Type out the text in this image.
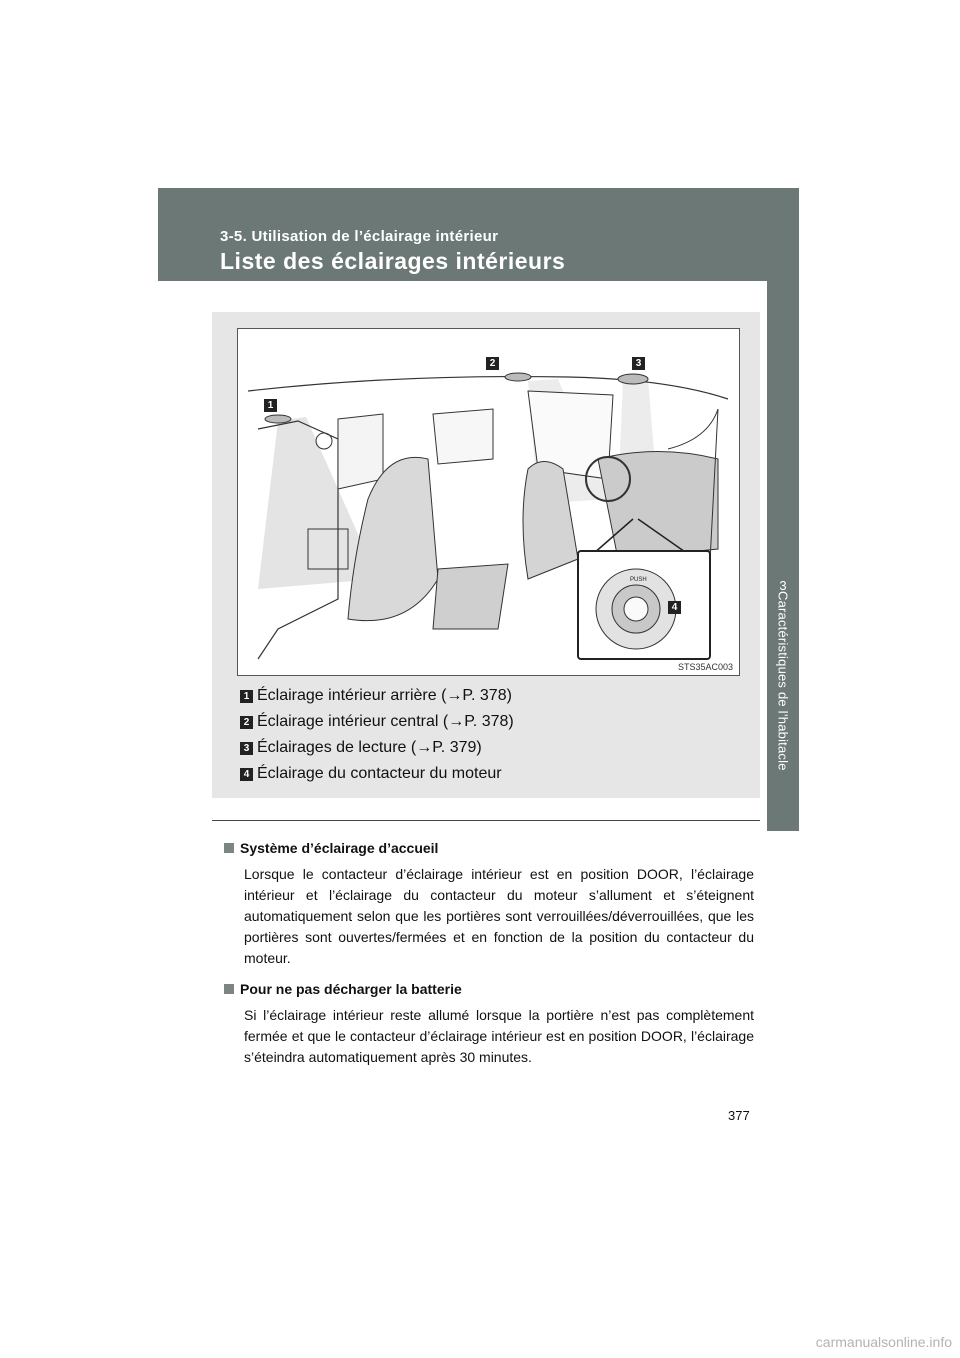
3-5. Utilisation de l’éclairage intérieur
Liste des éclairages intérieurs
3
Caractéristiques de l’habitacle
PUSH
1
2	3
4
STS35AC003
1 Éclairage intérieur arrière (→P. 378)
2 Éclairage intérieur central (→P. 378)
3 Éclairages de lecture (→P. 379)
4 Éclairage du contacteur du moteur
Système d’éclairage d’accueil
Lorsque le contacteur d’éclairage intérieur est en position DOOR, l’éclairage intérieur et l’éclairage du contacteur du moteur s’allument et s’éteignent automatiquement selon que les portières sont verrouillées/déverrouillées, que les portières sont ouvertes/fermées et en fonction de la position du contacteur du moteur.
Pour ne pas décharger la batterie
Si l’éclairage intérieur reste allumé lorsque la portière n’est pas complètement fermée et que le contacteur d’éclairage intérieur est en position DOOR, l’éclairage s’éteindra automatiquement après 30 minutes.
377
carmanualsonline.info
